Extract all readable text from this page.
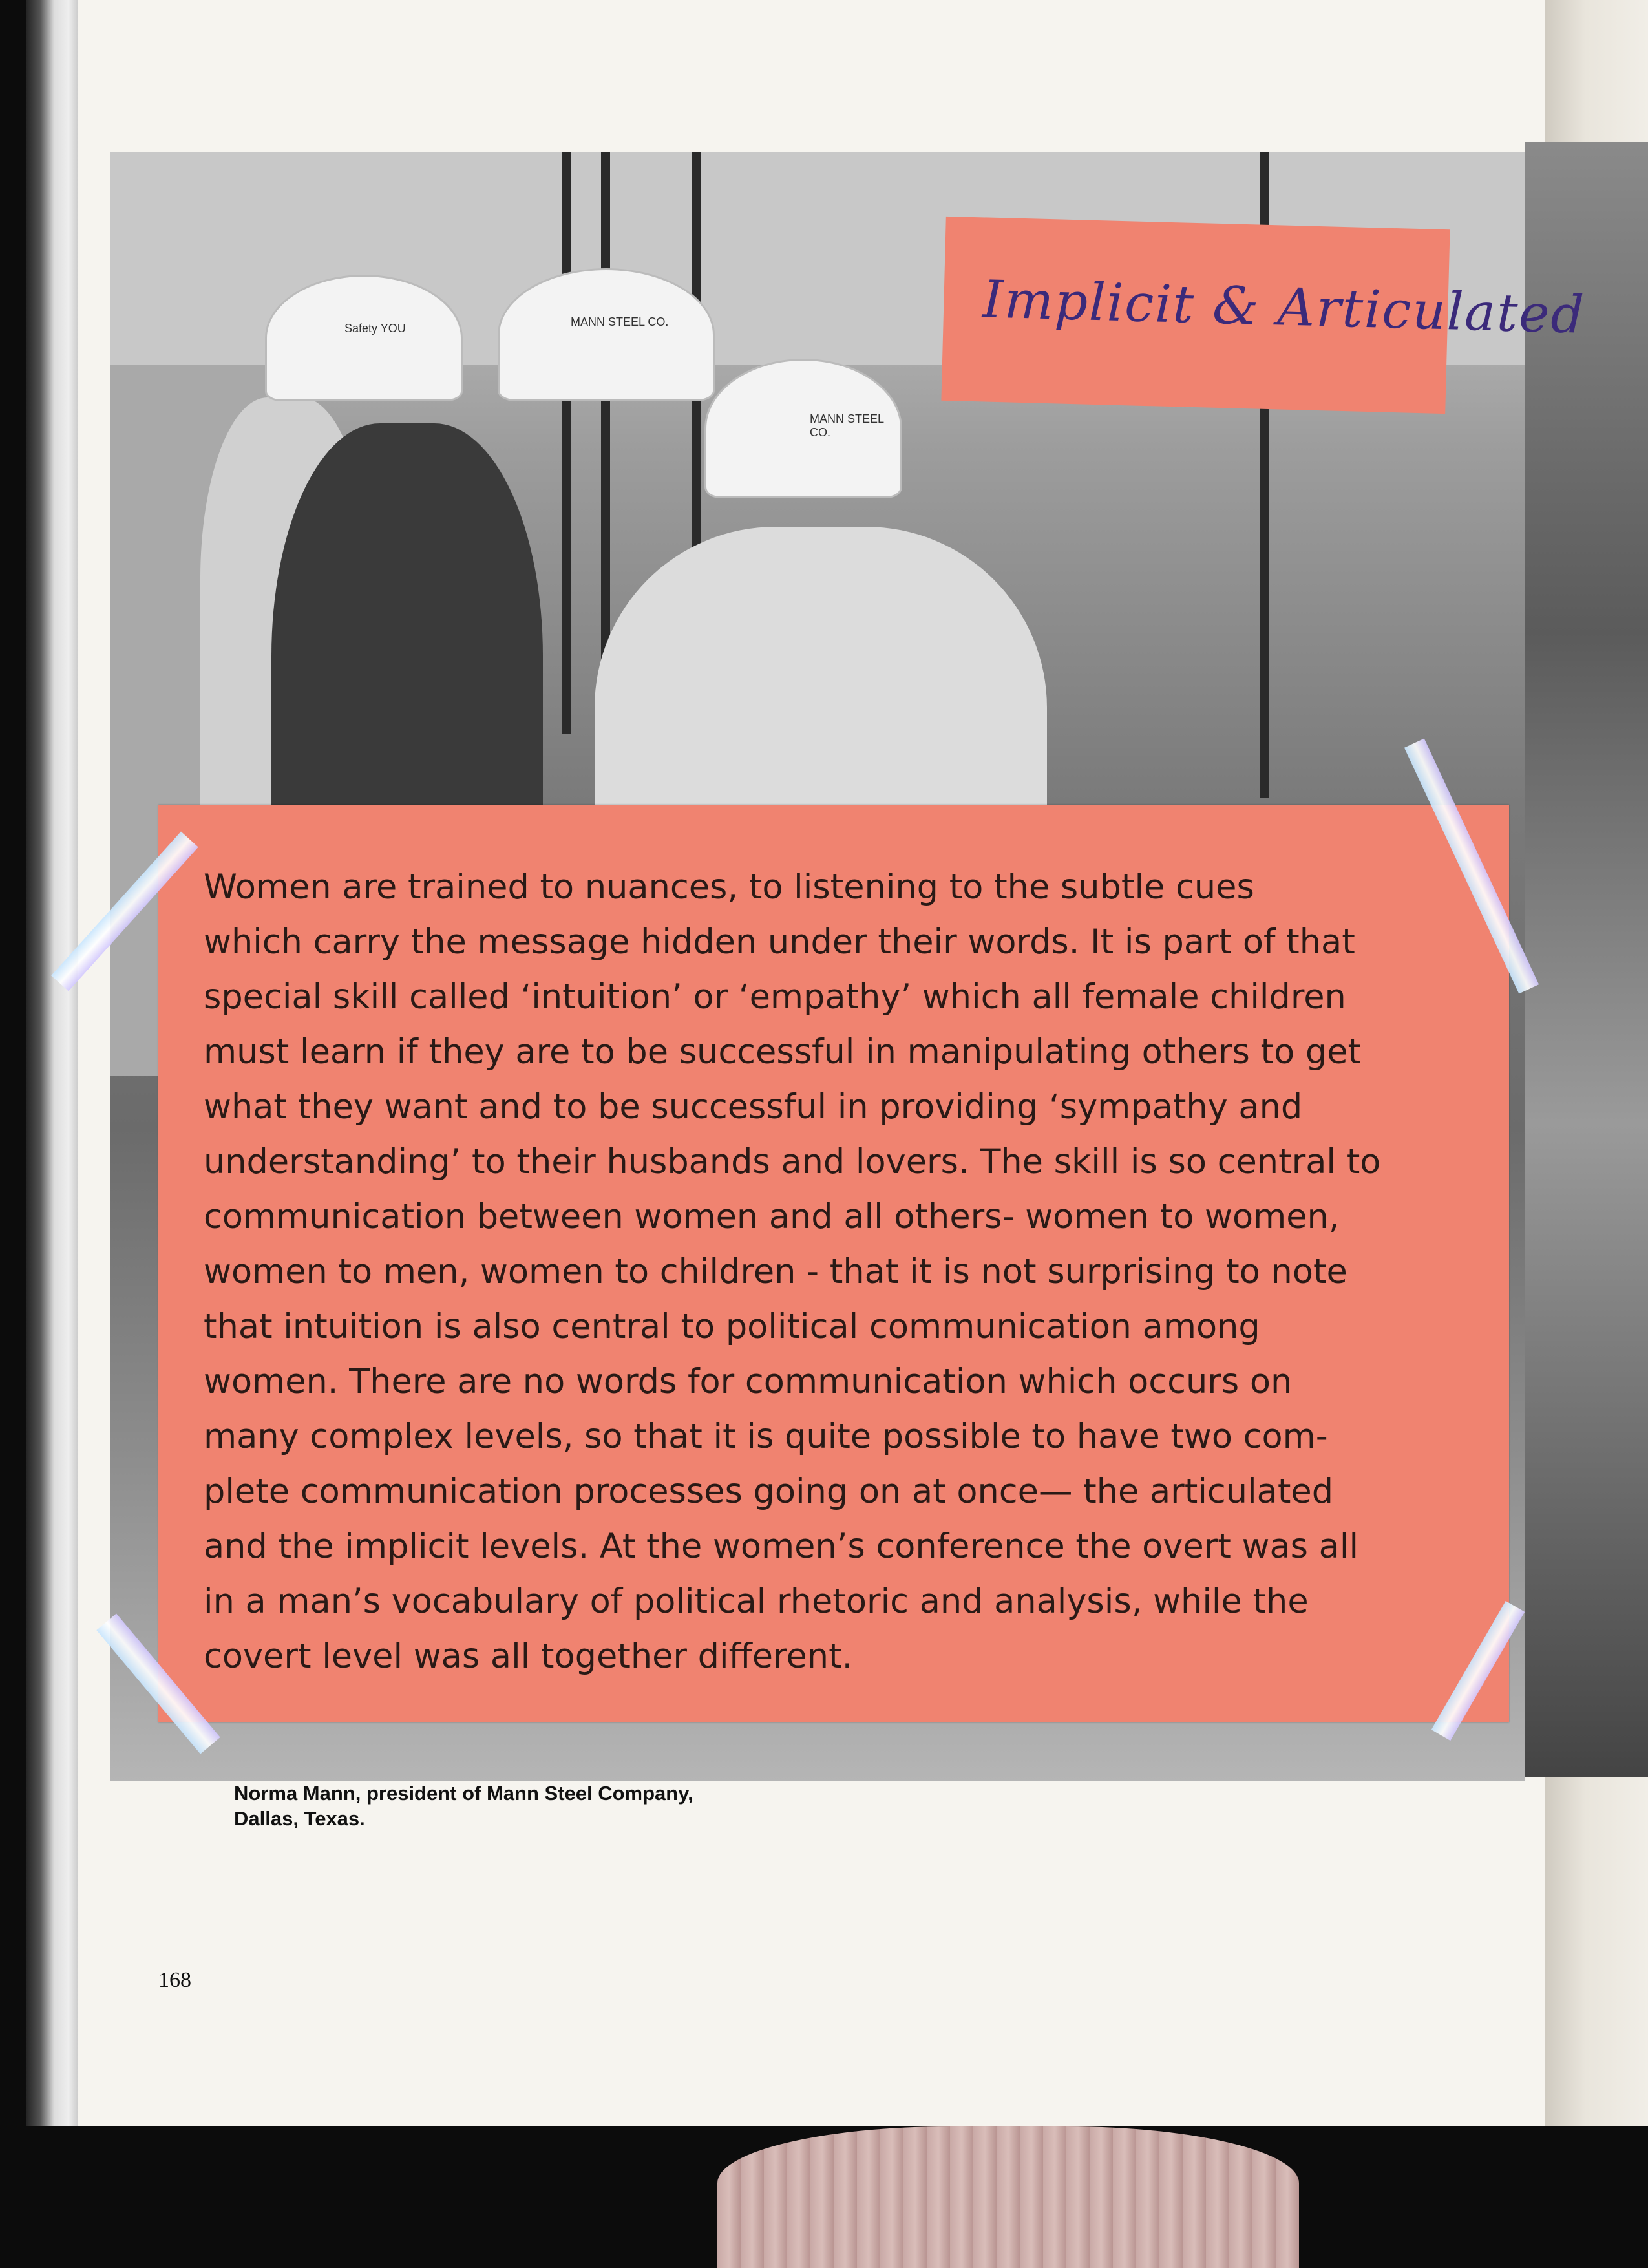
Safety YOU	MANN STEEL CO.
MANN STEEL CO.
Implicit & Articulated

Women are trained to nuances, to listening to the subtle cues
which carry the message hidden under their words. It is part of that
special skill called ‘intuition’ or ‘empathy’ which all female children
must learn if they are to be successful in manipulating others to get
what they want and to be successful in providing ‘sympathy and
understanding’ to their husbands and lovers. The skill is so central to
communication between women and all others- women to women,
women to men, women to children - that it is not surprising to note
that intuition is also central to political communication among
women. There are no words for communication which occurs on
many complex levels, so that it is quite possible to have two com-
plete communication processes going on at once— the articulated
and the implicit levels. At the women’s conference the overt was all
in a man’s vocabulary of political rhetoric and analysis, while the
covert level was all together different.

Norma Mann, president of Mann Steel Company,
Dallas, Texas.

168
